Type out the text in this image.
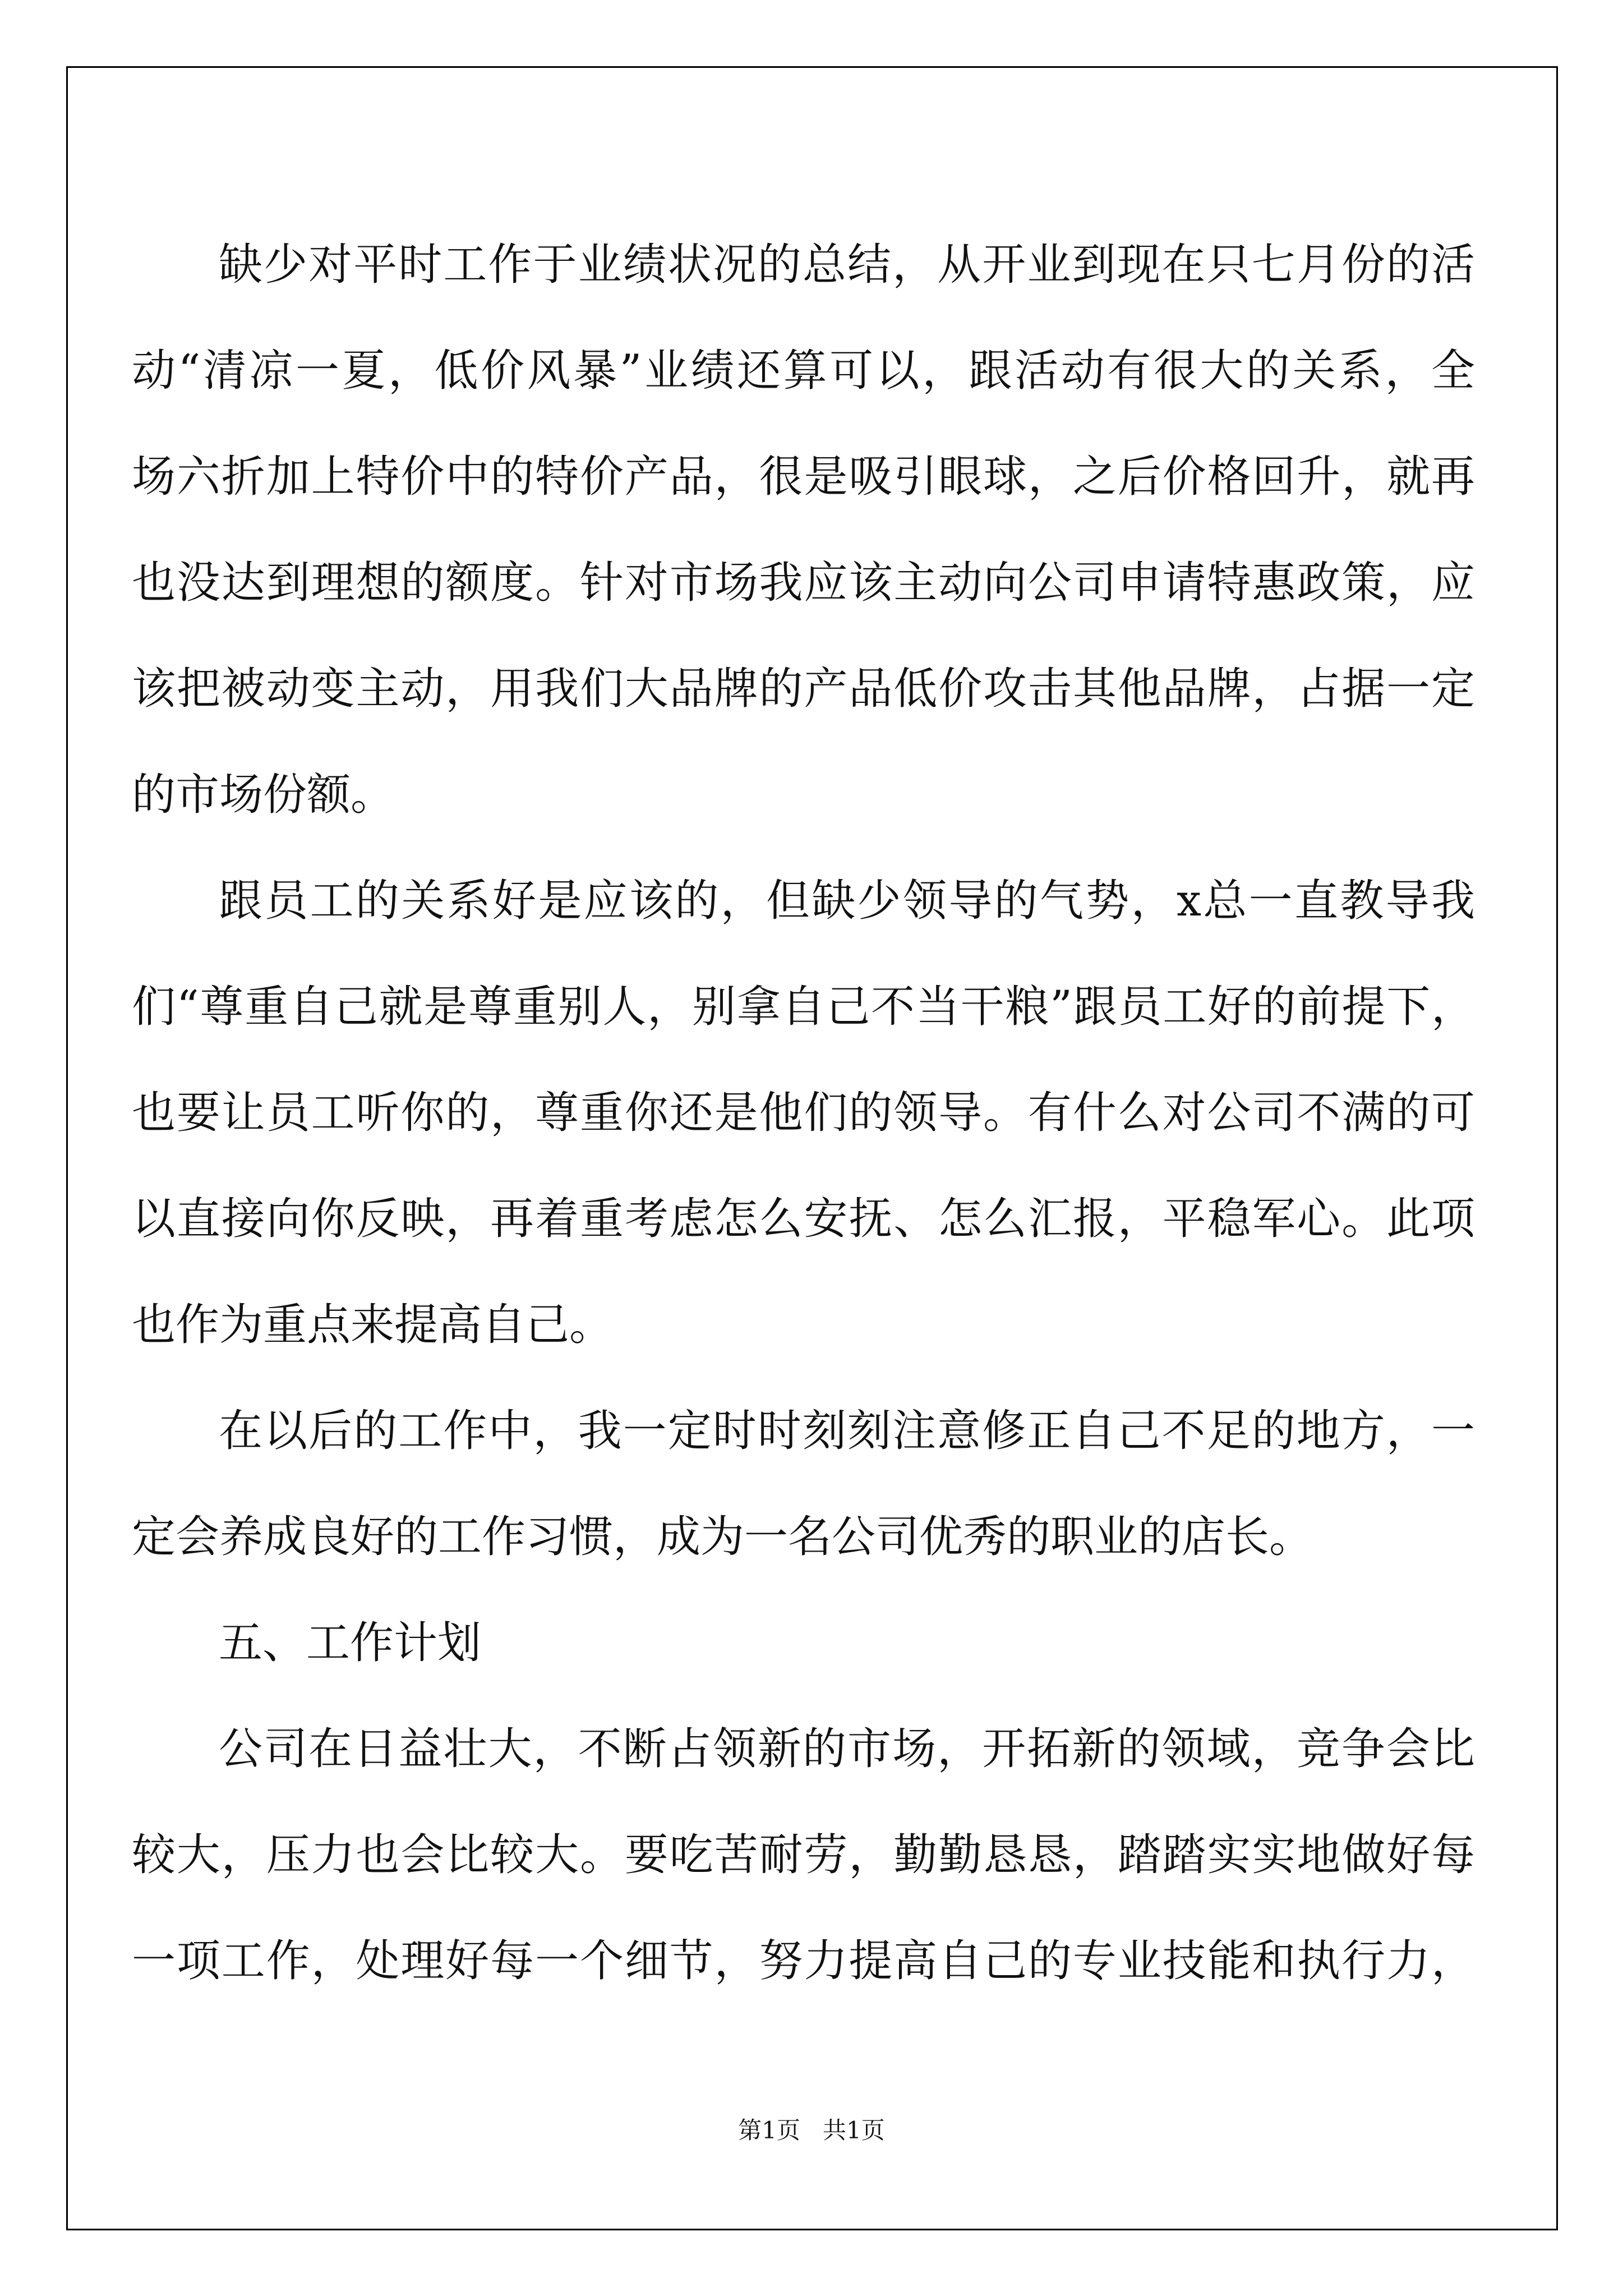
缺少对平时工作于业绩状况的总结，从开业到现在只七月份的活
动“清凉一夏，低价风暴”业绩还算可以，跟活动有很大的关系，全
场六折加上特价中的特价产品，很是吸引眼球，之后价格回升，就再
也没达到理想的额度。针对市场我应该主动向公司申请特惠政策，应
该把被动变主动，用我们大品牌的产品低价攻击其他品牌，占据一定
的市场份额。
跟员工的关系好是应该的，但缺少领导的气势，x总一直教导我
们“尊重自己就是尊重别人，别拿自己不当干粮”跟员工好的前提下，
也要让员工听你的，尊重你还是他们的领导。有什么对公司不满的可
以直接向你反映，再着重考虑怎么安抚、怎么汇报，平稳军心。此项
也作为重点来提高自己。
在以后的工作中，我一定时时刻刻注意修正自己不足的地方，一
定会养成良好的工作习惯，成为一名公司优秀的职业的店长。
五、工作计划
公司在日益壮大，不断占领新的市场，开拓新的领域，竞争会比
较大，压力也会比较大。要吃苦耐劳，勤勤恳恳，踏踏实实地做好每
一项工作，处理好每一个细节，努力提高自己的专业技能和执行力，
第1页   共1页
